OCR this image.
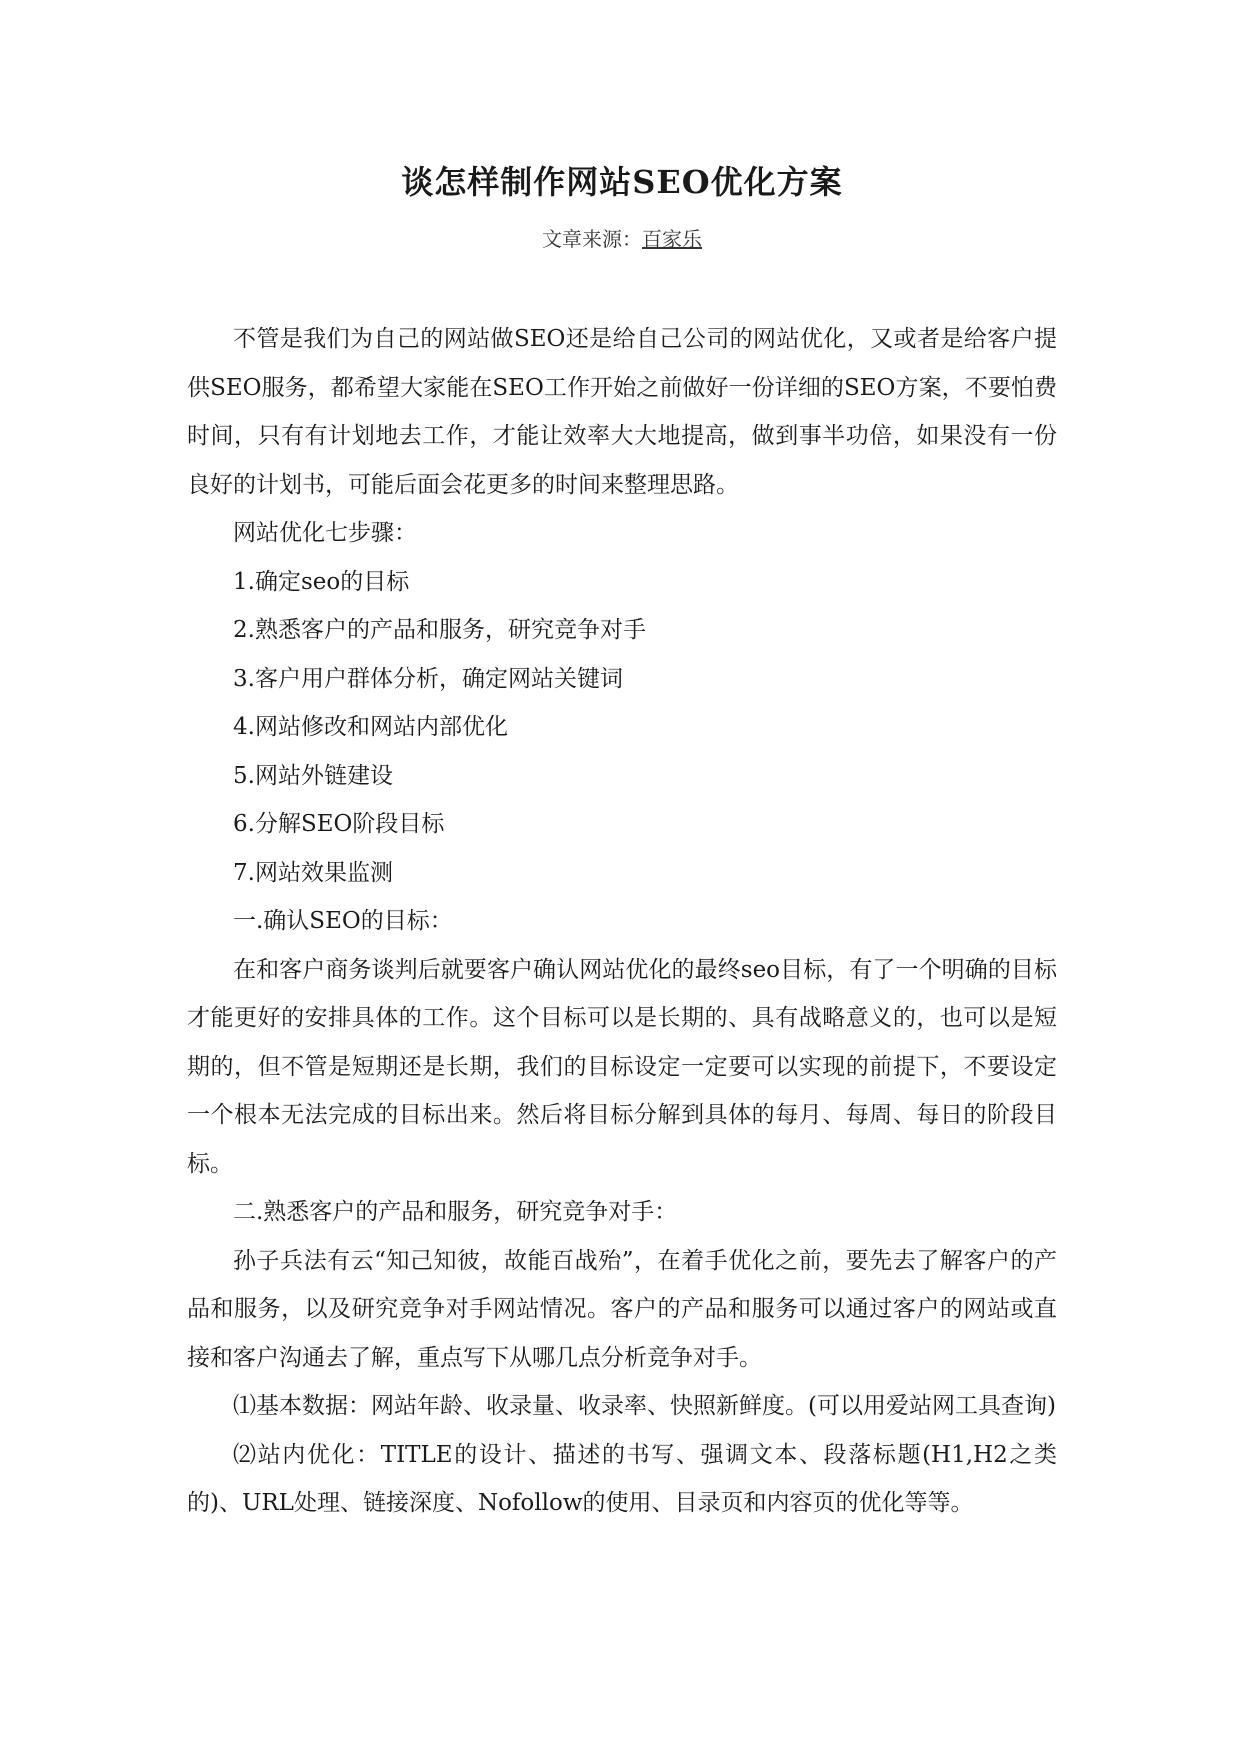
谈怎样制作网站SEO优化方案
文章来源：百家乐

不管是我们为自己的网站做SEO还是给自己公司的网站优化，又或者是给客户提供SEO服务，都希望大家能在SEO工作开始之前做好一份详细的SEO方案，不要怕费时间，只有有计划地去工作，才能让效率大大地提高，做到事半功倍，如果没有一份良好的计划书，可能后面会花更多的时间来整理思路。

网站优化七步骤：

1.确定seo的目标

2.熟悉客户的产品和服务，研究竞争对手

3.客户用户群体分析，确定网站关键词

4.网站修改和网站内部优化

5.网站外链建设

6.分解SEO阶段目标

7.网站效果监测

一.确认SEO的目标：

在和客户商务谈判后就要客户确认网站优化的最终seo目标，有了一个明确的目标才能更好的安排具体的工作。这个目标可以是长期的、具有战略意义的，也可以是短期的，但不管是短期还是长期，我们的目标设定一定要可以实现的前提下，不要设定一个根本无法完成的目标出来。然后将目标分解到具体的每月、每周、每日的阶段目标。

二.熟悉客户的产品和服务，研究竞争对手：

孙子兵法有云“知己知彼，故能百战殆”，在着手优化之前，要先去了解客户的产品和服务，以及研究竞争对手网站情况。客户的产品和服务可以通过客户的网站或直接和客户沟通去了解，重点写下从哪几点分析竞争对手。

⑴基本数据：网站年龄、收录量、收录率、快照新鲜度。(可以用爱站网工具查询)

⑵站内优化：TITLE的设计、描述的书写、强调文本、段落标题(H1,H2之类的)、URL处理、链接深度、Nofollow的使用、目录页和内容页的优化等等。
